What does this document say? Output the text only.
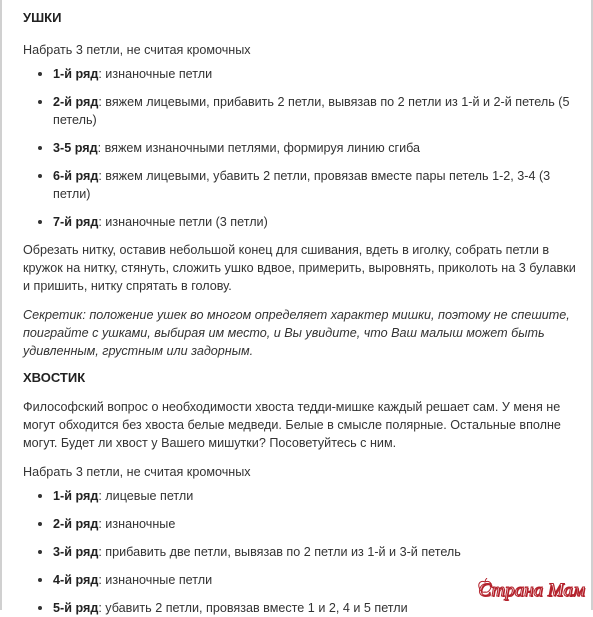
УШКИ

Набрать 3 петли, не считая кромочных

1-й ряд: изнаночные петли
2-й ряд: вяжем лицевыми, прибавить 2 петли, вывязав по 2 петли из 1-й и 2-й петель (5 петель)
3-5 ряд: вяжем изнаночными петлями, формируя линию сгиба
6-й ряд: вяжем лицевыми, убавить 2 петли, провязав вместе пары петель 1-2, 3-4 (3 петли)
7-й ряд: изнаночные петли (3 петли)

Обрезать нитку, оставив небольшой конец для сшивания, вдеть в иголку, собрать петли в кружок на нитку, стянуть, сложить ушко вдвое, примерить, выровнять, приколоть на 3 булавки и пришить, нитку спрятать в голову.

Секретик: положение ушек во многом определяет характер мишки, поэтому не спешите, поиграйте с ушками, выбирая им место, и Вы увидите, что Ваш малыш может быть удивленным, грустным или задорным.

ХВОСТИК

Философский вопрос о необходимости хвоста тедди-мишке каждый решает сам. У меня не могут обходится без хвоста белые медведи. Белые в смысле полярные. Остальные вполне могут. Будет ли хвост у Вашего мишутки? Посоветуйтесь с ним.

Набрать 3 петли, не считая кромочных

1-й ряд: лицевые петли
2-й ряд: изнаночные
3-й ряд: прибавить две петли, вывязав по 2 петли из 1-й и 3-й петель
4-й ряд: изнаночные петли
5-й ряд: убавить 2 петли, провязав вместе 1 и 2, 4 и 5 петли
Страна Мам
